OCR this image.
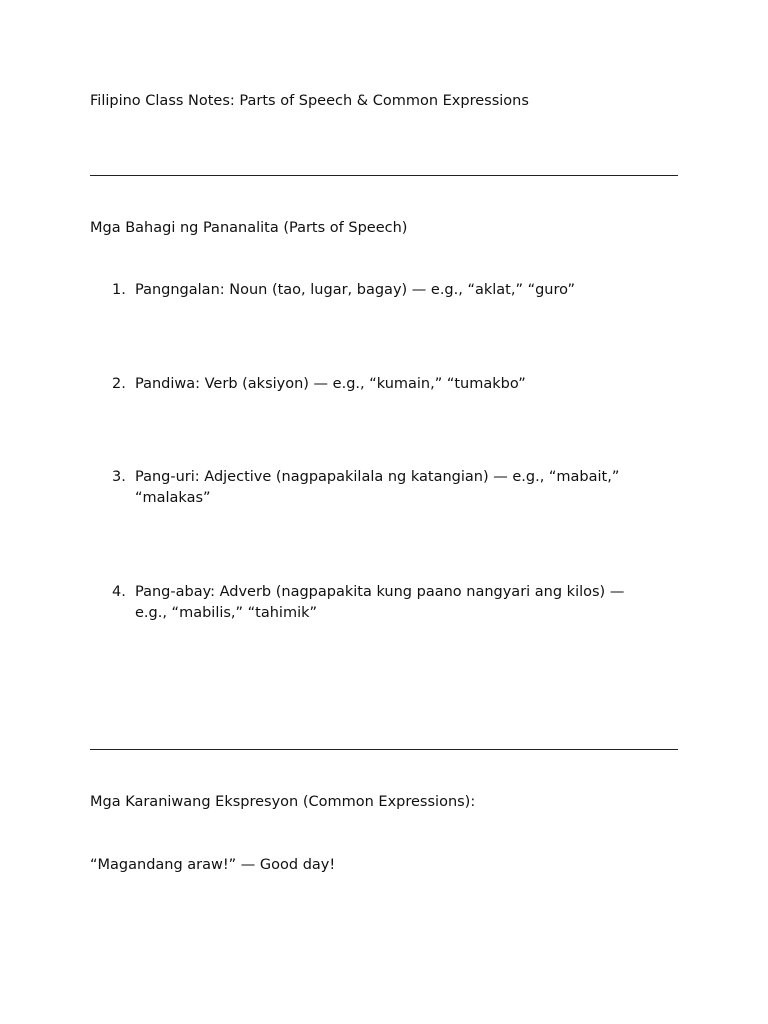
Filipino Class Notes: Parts of Speech & Common Expressions
Mga Bahagi ng Pananalita (Parts of Speech)
1. Pangngalan: Noun (tao, lugar, bagay) — e.g., “aklat,” “guro”
2. Pandiwa: Verb (aksiyon) — e.g., “kumain,” “tumakbo”
3. Pang-uri: Adjective (nagpapakilala ng katangian) — e.g., “mabait,” “malakas”
4. Pang-abay: Adverb (nagpapakita kung paano nangyari ang kilos) — e.g., “mabilis,” “tahimik”
Mga Karaniwang Ekspresyon (Common Expressions):

“Magandang araw!” — Good day!
